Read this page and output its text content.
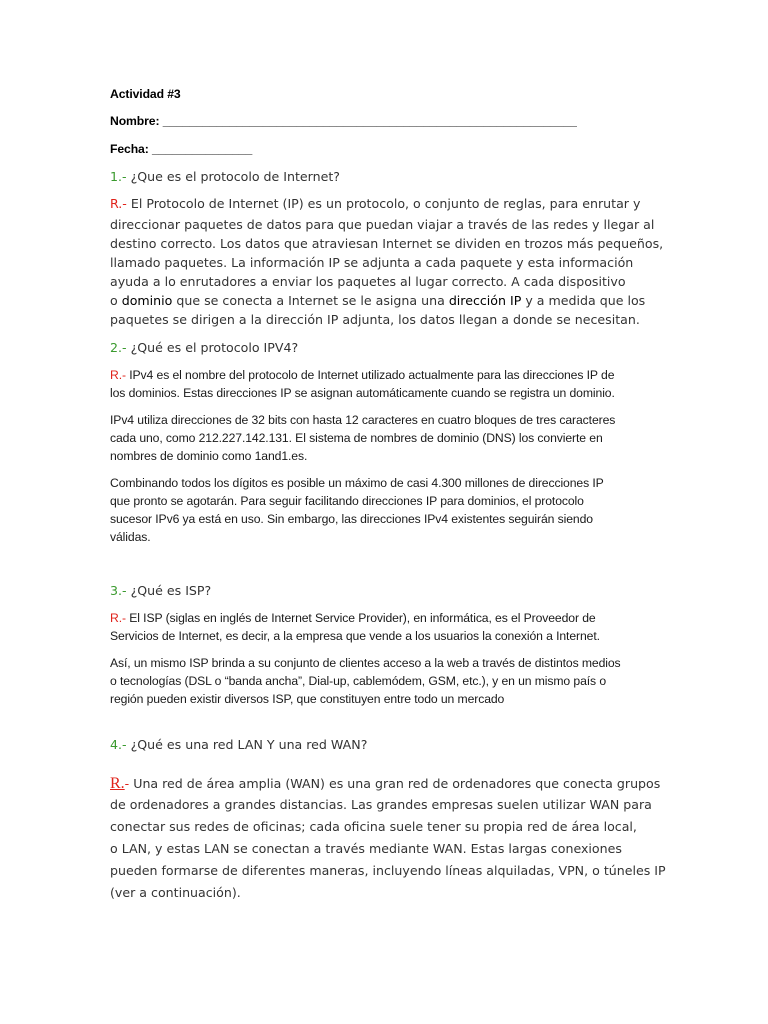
Actividad #3
Nombre: ______________________________________________________________
Fecha: _______________
1.- ¿Que es el protocolo de Internet?
R.- El Protocolo de Internet (IP) es un protocolo, o conjunto de reglas, para enrutar y
direccionar paquetes de datos para que puedan viajar a través de las redes y llegar al
destino correcto. Los datos que atraviesan Internet se dividen en trozos más pequeños,
llamado paquetes. La información IP se adjunta a cada paquete y esta información
ayuda a lo enrutadores a enviar los paquetes al lugar correcto. A cada dispositivo
o dominio que se conecta a Internet se le asigna una dirección IP y a medida que los
paquetes se dirigen a la dirección IP adjunta, los datos llegan a donde se necesitan.
2.- ¿Qué es el protocolo IPV4?
R.- IPv4 es el nombre del protocolo de Internet utilizado actualmente para las direcciones IP de
los dominios. Estas direcciones IP se asignan automáticamente cuando se registra un dominio.
IPv4 utiliza direcciones de 32 bits con hasta 12 caracteres en cuatro bloques de tres caracteres
cada uno, como 212.227.142.131. El sistema de nombres de dominio (DNS) los convierte en
nombres de dominio como 1and1.es.
Combinando todos los dígitos es posible un máximo de casi 4.300 millones de direcciones IP
que pronto se agotarán. Para seguir facilitando direcciones IP para dominios, el protocolo
sucesor IPv6 ya está en uso. Sin embargo, las direcciones IPv4 existentes seguirán siendo
válidas.
3.- ¿Qué es ISP?
R.- El ISP (siglas en inglés de Internet Service Provider), en informática, es el Proveedor de
Servicios de Internet, es decir, a la empresa que vende a los usuarios la conexión a Internet.
Así, un mismo ISP brinda a su conjunto de clientes acceso a la web a través de distintos medios
o tecnologías (DSL o “banda ancha”, Dial-up, cablemódem, GSM, etc.), y en un mismo país o
región pueden existir diversos ISP, que constituyen entre todo un mercado
4.- ¿Qué es una red LAN Y una red WAN?
R.- Una red de área amplia (WAN) es una gran red de ordenadores que conecta grupos
de ordenadores a grandes distancias. Las grandes empresas suelen utilizar WAN para
conectar sus redes de oficinas; cada oficina suele tener su propia red de área local,
o LAN, y estas LAN se conectan a través mediante WAN. Estas largas conexiones
pueden formarse de diferentes maneras, incluyendo líneas alquiladas, VPN, o túneles IP
(ver a continuación).
